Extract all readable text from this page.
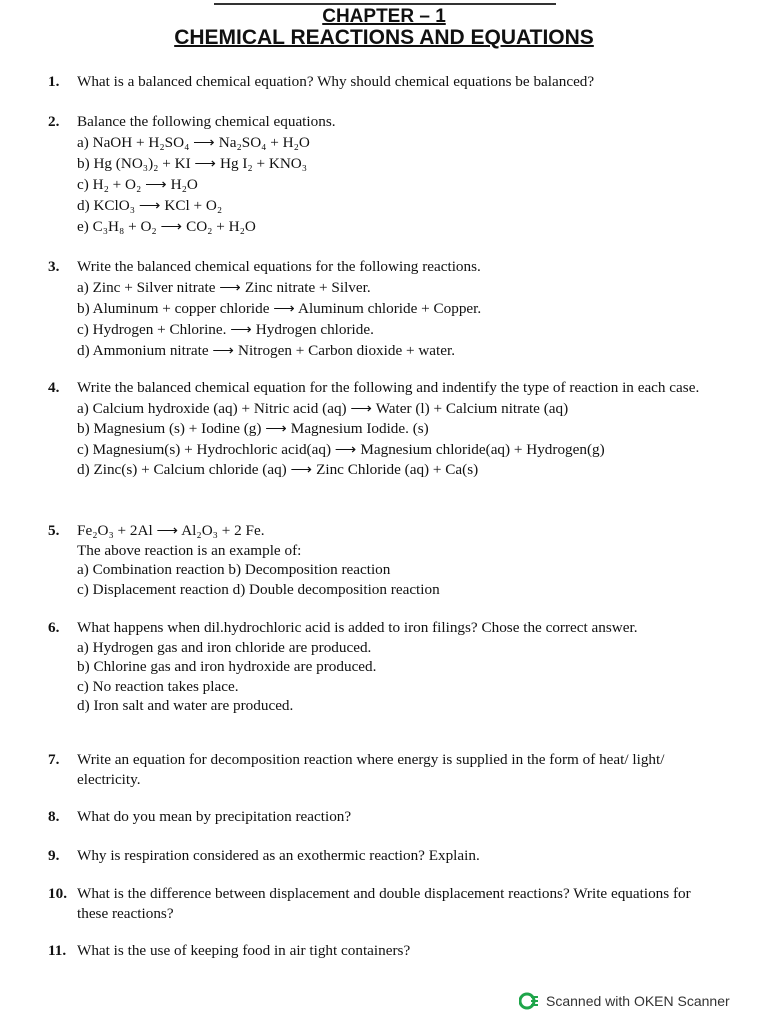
CHAPTER – 1
CHEMICAL REACTIONS AND EQUATIONS
1. What is a balanced chemical equation? Why should chemical equations be balanced?
2. Balance the following chemical equations.
a) NaOH + H₂SO₄ ⟶ Na₂SO₄ + H₂O
b) Hg (NO₃)₂ + KI ⟶ Hg I₂ + KNO₃
c) H₂ + O₂ ⟶ H₂O
d) KClO₃ ⟶ KCl + O₂
e) C₃H₈ + O₂ ⟶ CO₂ + H₂O
3. Write the balanced chemical equations for the following reactions.
a) Zinc + Silver nitrate ⟶ Zinc nitrate + Silver.
b) Aluminum + copper chloride ⟶ Aluminum chloride + Copper.
c) Hydrogen + Chlorine. ⟶ Hydrogen chloride.
d) Ammonium nitrate ⟶ Nitrogen + Carbon dioxide + water.
4. Write the balanced chemical equation for the following and indentify the type of reaction in each case.
a) Calcium hydroxide (aq) + Nitric acid (aq) ⟶ Water (l) + Calcium nitrate (aq)
b) Magnesium (s) + Iodine (g) ⟶ Magnesium Iodide. (s)
c) Magnesium(s) + Hydrochloric acid(aq) ⟶ Magnesium chloride(aq) + Hydrogen(g)
d) Zinc(s) + Calcium chloride (aq) ⟶ Zinc Chloride (aq) + Ca(s)
5. Fe₂O₃ + 2Al ⟶ Al₂O₃ + 2 Fe.
The above reaction is an example of:
a) Combination reaction b) Decomposition reaction
c) Displacement reaction d) Double decomposition reaction
6. What happens when dil.hydrochloric acid is added to iron filings? Chose the correct answer.
a) Hydrogen gas and iron chloride are produced.
b) Chlorine gas and iron hydroxide are produced.
c) No reaction takes place.
d) Iron salt and water are produced.
7. Write an equation for decomposition reaction where energy is supplied in the form of heat/ light/ electricity.
8. What do you mean by precipitation reaction?
9. Why is respiration considered as an exothermic reaction? Explain.
10. What is the difference between displacement and double displacement reactions? Write equations for these reactions?
11. What is the use of keeping food in air tight containers?
Scanned with OKEN Scanner
